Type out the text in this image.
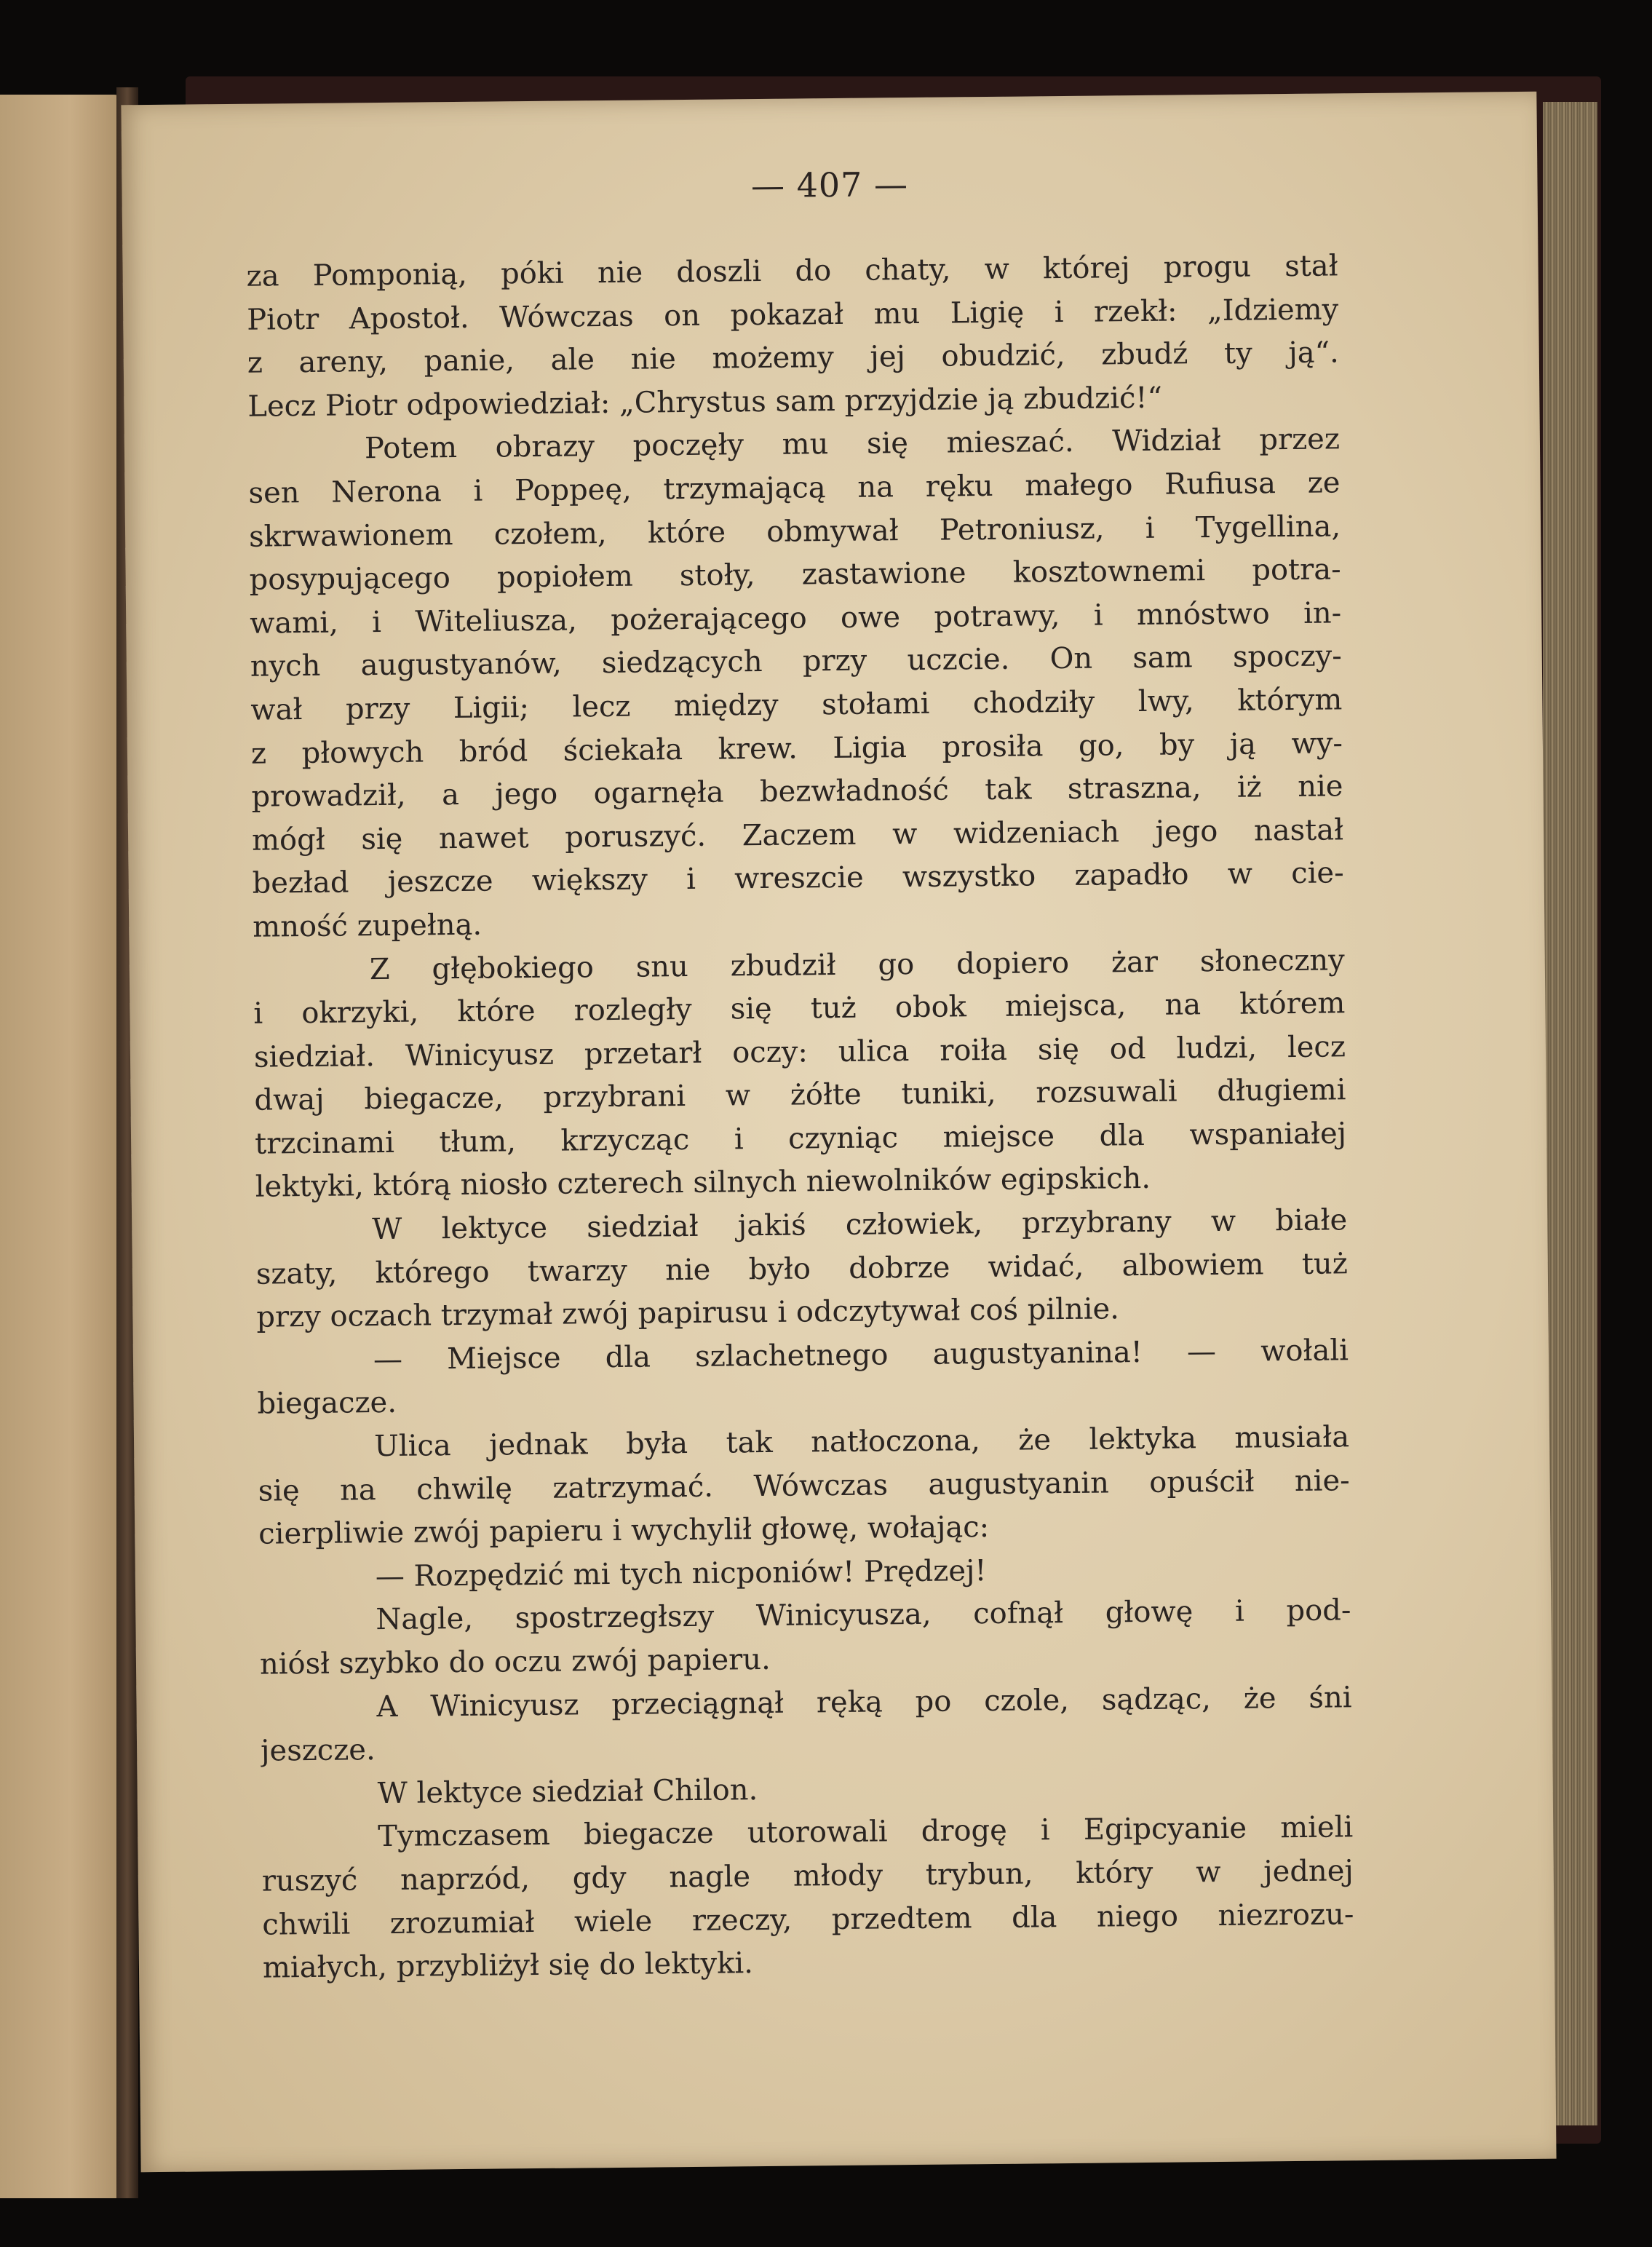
— 407 —
za Pomponią, póki nie doszli do chaty, w której progu stał
Piotr Apostoł. Wówczas on pokazał mu Ligię i rzekł: „Idziemy
z areny, panie, ale nie możemy jej obudzić, zbudź ty ją“.
Lecz Piotr odpowiedział: „Chrystus sam przyjdzie ją zbudzić!“
Potem obrazy poczęły mu się mieszać. Widział przez
sen Nerona i Poppeę, trzymającą na ręku małego Rufiusa ze
skrwawionem czołem, które obmywał Petroniusz, i Tygellina,
posypującego popiołem stoły, zastawione kosztownemi potra-
wami, i Witeliusza, pożerającego owe potrawy, i mnóstwo in-
nych augustyanów, siedzących przy uczcie. On sam spoczy-
wał przy Ligii; lecz między stołami chodziły lwy, którym
z płowych bród ściekała krew. Ligia prosiła go, by ją wy-
prowadził, a jego ogarnęła bezwładność tak straszna, iż nie
mógł się nawet poruszyć. Zaczem w widzeniach jego nastał
bezład jeszcze większy i wreszcie wszystko zapadło w cie-
mność zupełną.
Z głębokiego snu zbudził go dopiero żar słoneczny
i okrzyki, które rozległy się tuż obok miejsca, na którem
siedział. Winicyusz przetarł oczy: ulica roiła się od ludzi, lecz
dwaj biegacze, przybrani w żółte tuniki, rozsuwali długiemi
trzcinami tłum, krzycząc i czyniąc miejsce dla wspaniałej
lektyki, którą niosło czterech silnych niewolników egipskich.
W lektyce siedział jakiś człowiek, przybrany w białe
szaty, którego twarzy nie było dobrze widać, albowiem tuż
przy oczach trzymał zwój papirusu i odczytywał coś pilnie.
— Miejsce dla szlachetnego augustyanina! — wołali
biegacze.
Ulica jednak była tak natłoczona, że lektyka musiała
się na chwilę zatrzymać. Wówczas augustyanin opuścił nie-
cierpliwie zwój papieru i wychylił głowę, wołając:
— Rozpędzić mi tych nicponiów! Prędzej!
Nagle, spostrzegłszy Winicyusza, cofnął głowę i pod-
niósł szybko do oczu zwój papieru.
A Winicyusz przeciągnął ręką po czole, sądząc, że śni
jeszcze.
W lektyce siedział Chilon.
Tymczasem biegacze utorowali drogę i Egipcyanie mieli
ruszyć naprzód, gdy nagle młody trybun, który w jednej
chwili zrozumiał wiele rzeczy, przedtem dla niego niezrozu-
miałych, przybliżył się do lektyki.
